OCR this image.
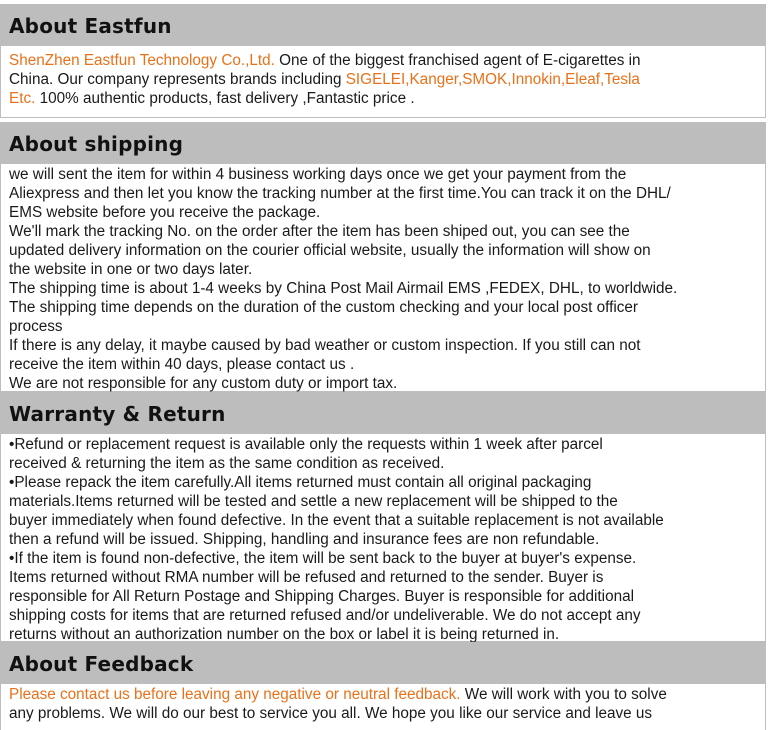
About Eastfun
ShenZhen Eastfun Technology Co.,Ltd. One of the biggest franchised agent of E-cigarettes in
China. Our company represents brands including SIGELEI,Kanger,SMOK,Innokin,Eleaf,Tesla
Etc. 100% authentic products, fast delivery ,Fantastic price .
About shipping
we will sent the item for within 4 business working days once we get your payment from the
Aliexpress and then let you know the tracking number at the first time.You can track it on the DHL/
EMS website before you receive the package.
We'll mark the tracking No. on the order after the item has been shiped out, you can see the
updated delivery information on the courier official website, usually the information will show on
the website in one or two days later.
The shipping time is about 1-4 weeks by China Post Mail Airmail EMS ,FEDEX, DHL, to worldwide.
The shipping time depends on the duration of the custom checking and your local post officer
process
If there is any delay, it maybe caused by bad weather or custom inspection. If you still can not
receive the item within 40 days, please contact us .
We are not responsible for any custom duty or import tax.
Warranty & Return
•Refund or replacement request is available only the requests within 1 week after parcel
received & returning the item as the same condition as received.
•Please repack the item carefully.All items returned must contain all original packaging
materials.Items returned will be tested and settle a new replacement will be shipped to the
buyer immediately when found defective. In the event that a suitable replacement is not available
then a refund will be issued. Shipping, handling and insurance fees are non refundable.
•If the item is found non-defective, the item will be sent back to the buyer at buyer's expense.
Items returned without RMA number will be refused and returned to the sender. Buyer is
responsible for All Return Postage and Shipping Charges. Buyer is responsible for additional
shipping costs for items that are returned refused and/or undeliverable. We do not accept any
returns without an authorization number on the box or label it is being returned in.
About Feedback
Please contact us before leaving any negative or neutral feedback. We will work with you to solve
any problems. We will do our best to service you all. We hope you like our service and leave us
